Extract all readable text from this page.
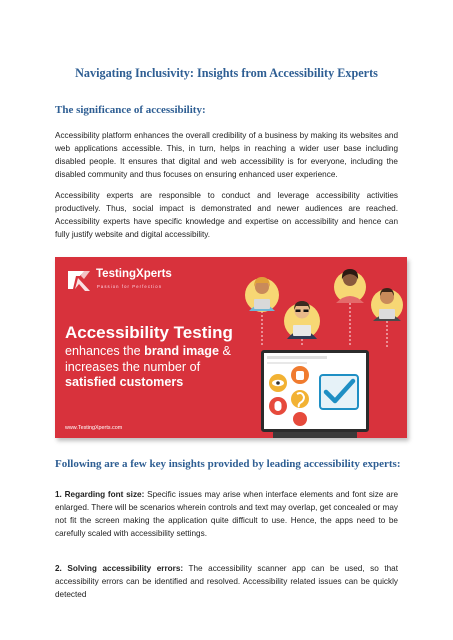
Navigating Inclusivity: Insights from Accessibility Experts
The significance of accessibility:

Accessibility platform enhances the overall credibility of a business by making its websites and web applications accessible. This, in turn, helps in reaching a wider user base including disabled people. It ensures that digital and web accessibility is for everyone, including the disabled community and thus focuses on ensuring enhanced user experience.

Accessibility experts are responsible to conduct and leverage accessibility activities productively. Thus, social impact is demonstrated and newer audiences are reached. Accessibility experts have specific knowledge and expertise on accessibility and hence can fully justify website and digital accessibility.

TestingXperts
Passion for Perfection
Accessibility Testing
enhances the brand image &
increases the number of
satisfied customers
www.TestingXperts.com
Following are a few key insights provided by leading accessibility experts:

1. Regarding font size: Specific issues may arise when interface elements and font size are enlarged. There will be scenarios wherein controls and text may overlap, get concealed or may not fit the screen making the application quite difficult to use. Hence, the apps need to be carefully scaled with accessibility settings.

2. Solving accessibility errors: The accessibility scanner app can be used, so that accessibility errors can be identified and resolved. Accessibility related issues can be quickly detected
